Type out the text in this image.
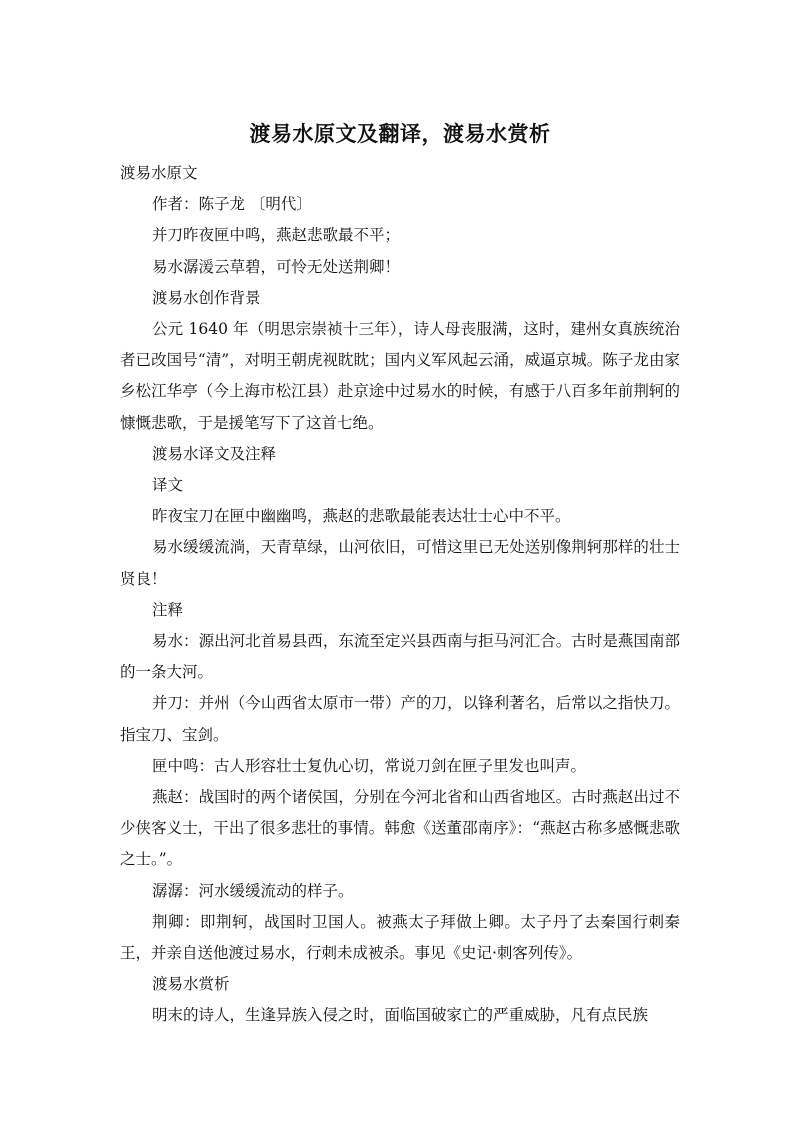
渡易水原文及翻译，渡易水赏析

渡易水原文

作者：陈子龙 〔明代〕

并刀昨夜匣中鸣，燕赵悲歌最不平；

易水潺湲云草碧，可怜无处送荆卿！

渡易水创作背景

公元 1640 年（明思宗崇祯十三年），诗人母丧服满，这时，建州女真族统治者已改国号“清”，对明王朝虎视眈眈；国内义军风起云涌，威逼京城。陈子龙由家乡松江华亭（今上海市松江县）赴京途中过易水的时候，有感于八百多年前荆轲的慷慨悲歌，于是援笔写下了这首七绝。

渡易水译文及注释

译文

昨夜宝刀在匣中幽幽鸣，燕赵的悲歌最能表达壮士心中不平。

易水缓缓流淌，天青草绿，山河依旧，可惜这里已无处送别像荆轲那样的壮士贤良！

注释

易水：源出河北首易县西，东流至定兴县西南与拒马河汇合。古时是燕国南部的一条大河。

并刀：并州（今山西省太原市一带）产的刀，以锋利著名，后常以之指快刀。指宝刀、宝剑。

匣中鸣：古人形容壮士复仇心切，常说刀剑在匣子里发也叫声。

燕赵：战国时的两个诸侯国，分别在今河北省和山西省地区。古时燕赵出过不少侠客义士，干出了很多悲壮的事情。韩愈《送董邵南序》：“燕赵古称多感慨悲歌之士。”。

潺潺：河水缓缓流动的样子。

荆卿：即荆轲，战国时卫国人。被燕太子拜做上卿。太子丹了去秦国行刺秦王，并亲自送他渡过易水，行刺未成被杀。事见《史记·刺客列传》。

渡易水赏析

明末的诗人，生逢异族入侵之时，面临国破家亡的严重威胁，凡有点民族
